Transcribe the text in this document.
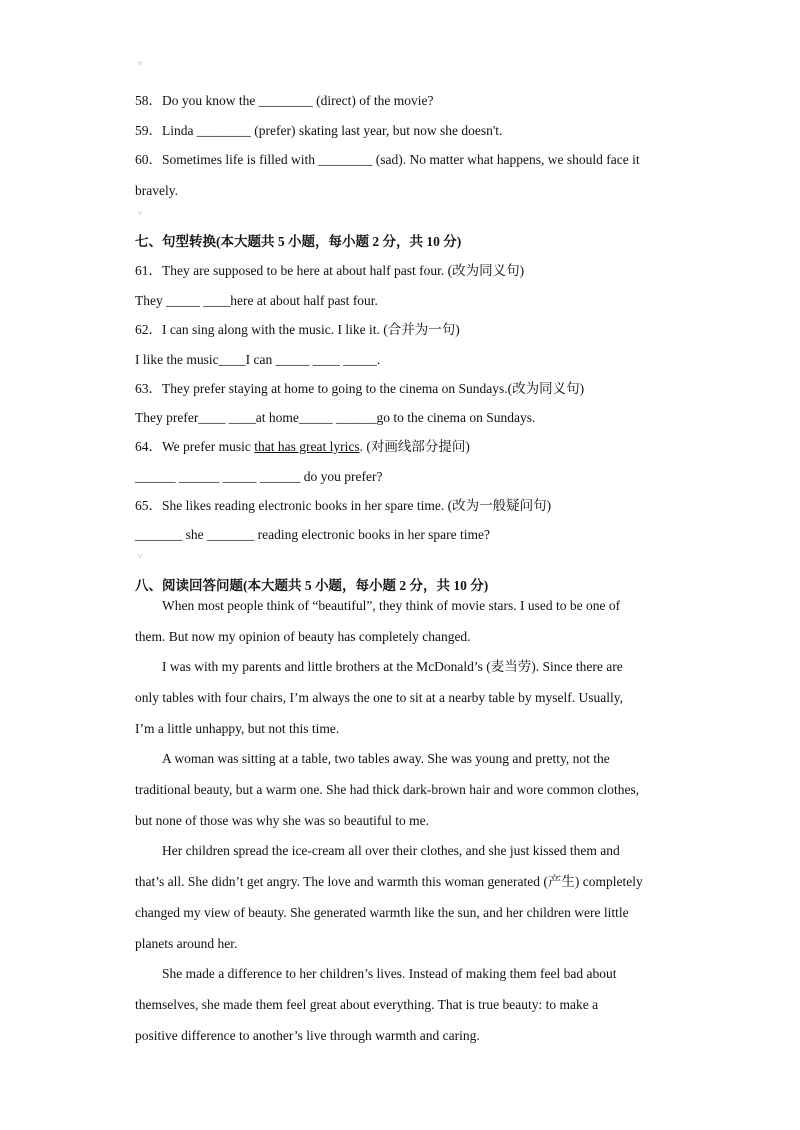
˅
58．Do you know the ________ (direct) of the movie?
59．Linda ________ (prefer) skating last year, but now she doesn't.
60．Sometimes life is filled with ________ (sad). No matter what happens, we should face it
bravely.
˅
七、句型转换(本大题共 5 小题，每小题 2 分，共 10 分)
61．They are supposed to be here at about half past four. (改为同义句)
They _____ ____here at about half past four.
62．I can sing along with the music. I like it. (合并为一句)
I like the music____I can _____ ____ _____.
63．They prefer staying at home to going to the cinema on Sundays.(改为同义句)
They prefer____ ____at home_____ ______go to the cinema on Sundays.
64．We prefer music that has great lyrics. (对画线部分提问)
______ ______ _____ ______ do you prefer?
65．She likes reading electronic books in her spare time. (改为一般疑问句)
_______ she _______ reading electronic books in her spare time?
˅
八、阅读回答问题(本大题共 5 小题，每小题 2 分，共 10 分)
When most people think of “beautiful”, they think of movie stars. I used to be one of
them. But now my opinion of beauty has completely changed.
I was with my parents and little brothers at the McDonald’s (麦当劳). Since there are
only tables with four chairs, I’m always the one to sit at a nearby table by myself. Usually,
I’m a little unhappy, but not this time.
A woman was sitting at a table, two tables away. She was young and pretty, not the
traditional beauty, but a warm one. She had thick dark-brown hair and wore common clothes,
but none of those was why she was so beautiful to me.
Her children spread the ice-cream all over their clothes, and she just kissed them and
that’s all. She didn’t get angry. The love and warmth this woman generated (产生) completely
changed my view of beauty. She generated warmth like the sun, and her children were little
planets around her.
She made a difference to her children’s lives. Instead of making them feel bad about
themselves, she made them feel great about everything. That is true beauty: to make a
positive difference to another’s live through warmth and caring.
